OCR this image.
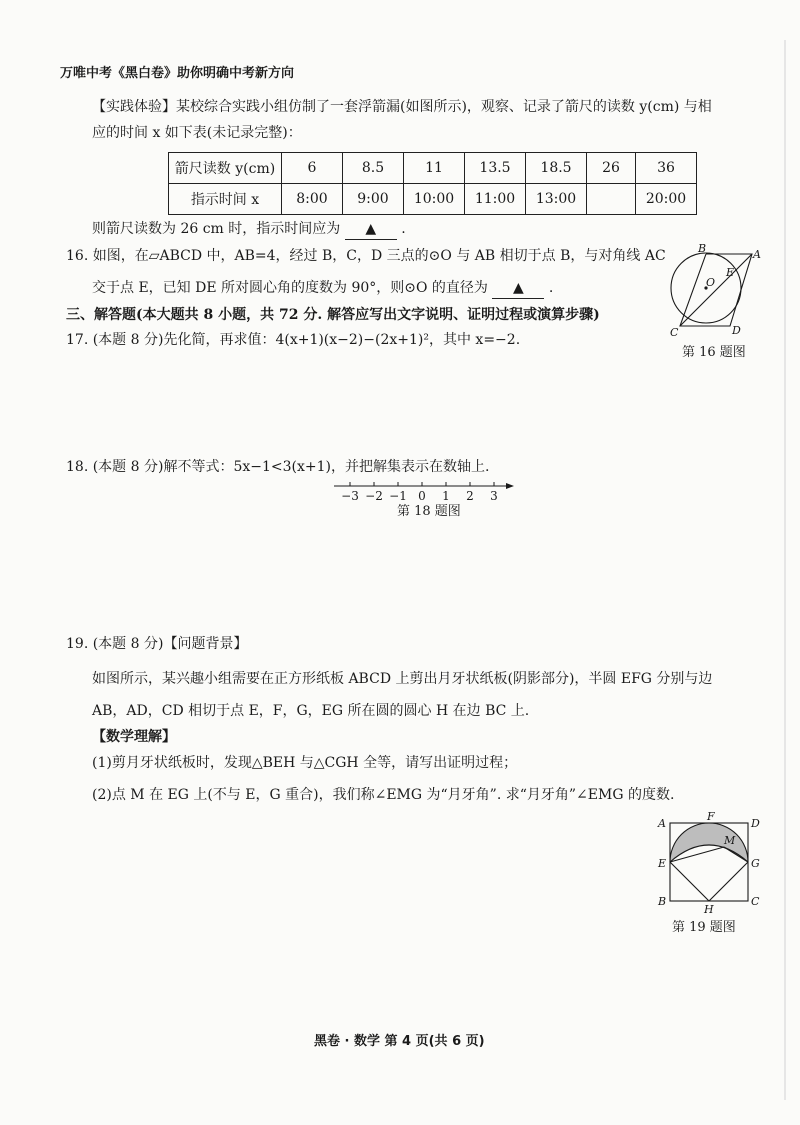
万唯中考《黑白卷》助你明确中考新方向
【实践体验】某校综合实践小组仿制了一套浮箭漏(如图所示)，观察、记录了箭尺的读数 y(cm) 与相
应的时间 x 如下表(未记录完整)：
箭尺读数 y(cm)	6	8.5	11	13.5	18.5	26	36
指示时间 x	8:00	9:00	10:00	11:00	13:00		20:00
则箭尺读数为 26 cm 时，指示时间应为 ▲ .
16. 如图，在▱ABCD 中，AB=4，经过 B，C，D 三点的⊙O 与 AB 相切于点 B，与对角线 AC
交于点 E，已知 DE 所对圆心角的度数为 90°，则⊙O 的直径为 ▲ .
B	A
E
O
C	D
第 16 题图
三、解答题(本大题共 8 小题，共 72 分. 解答应写出文字说明、证明过程或演算步骤)
17. (本题 8 分)先化简，再求值：4(x+1)(x−2)−(2x+1)²，其中 x=−2.
18. (本题 8 分)解不等式：5x−1<3(x+1)，并把解集表示在数轴上.
−3 −2 −1 0 1 2 3
第 18 题图
19. (本题 8 分)【问题背景】
如图所示，某兴趣小组需要在正方形纸板 ABCD 上剪出月牙状纸板(阴影部分)，半圆 EFG 分别与边
AB，AD，CD 相切于点 E，F，G，EG 所在圆的圆心 H 在边 BC 上.
【数学理解】
(1)剪月牙状纸板时，发现△BEH 与△CGH 全等，请写出证明过程；
(2)点 M 在 EG 上(不与 E，G 重合)，我们称∠EMG 为“月牙角”. 求“月牙角”∠EMG 的度数.
A
F
D
E
M
G
B
H
C
第 19 题图
黑卷 · 数学 第 4 页(共 6 页)
